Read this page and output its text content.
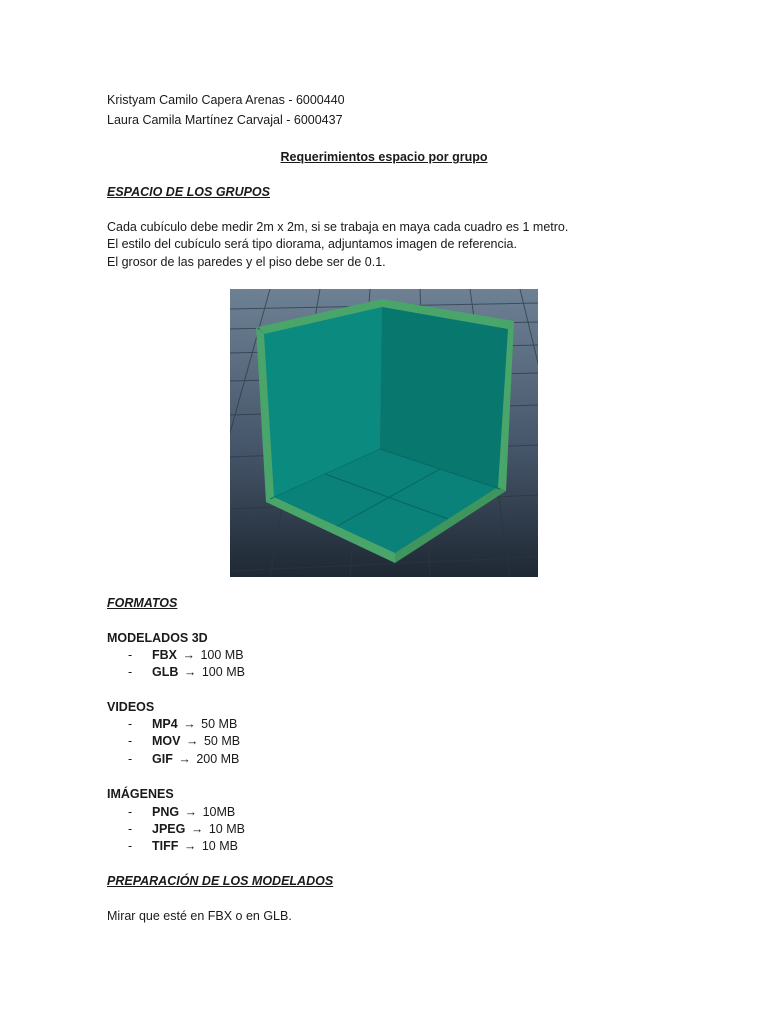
Kristyam Camilo Capera Arenas - 6000440
Laura Camila Martínez Carvajal - 6000437
Requerimientos espacio por grupo
ESPACIO DE LOS GRUPOS
Cada cubículo debe medir 2m x 2m, si se trabaja en maya cada cuadro es 1 metro.
El estilo del cubículo será tipo diorama, adjuntamos imagen de referencia.
El grosor de las paredes y el piso debe ser de 0.1.
FORMATOS
MODELADOS 3D
- FBX → 100 MB
- GLB → 100 MB
VIDEOS
- MP4 → 50 MB
- MOV → 50 MB
- GIF → 200 MB
IMÁGENES
- PNG → 10MB
- JPEG → 10 MB
- TIFF → 10 MB
PREPARACIÓN DE LOS MODELADOS
Mirar que esté en FBX o en GLB.
